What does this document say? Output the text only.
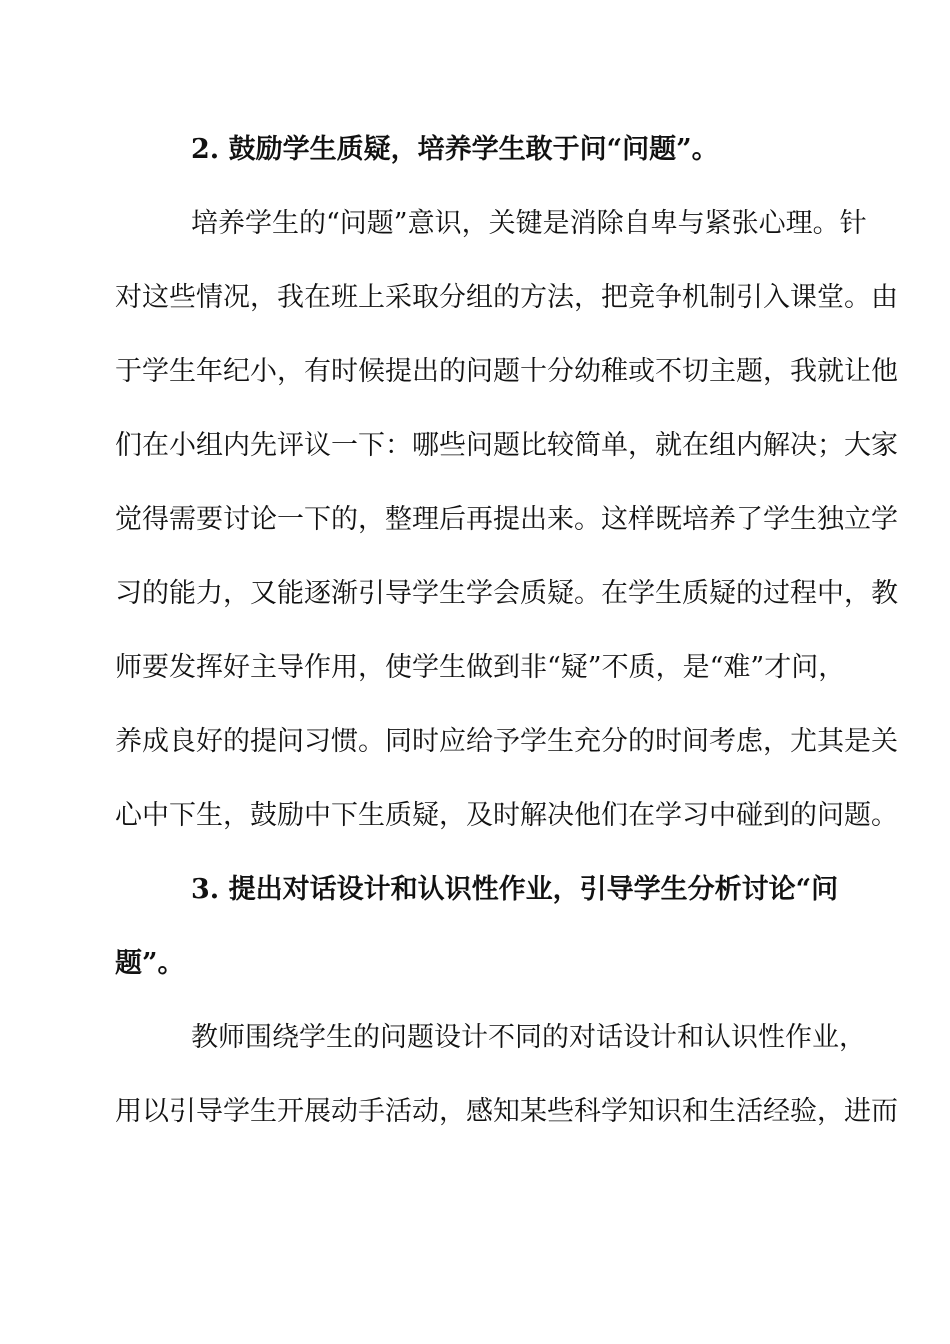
2. 鼓励学生质疑，培养学生敢于问“问题”。
培养学生的“问题”意识，关键是消除自卑与紧张心理。针
对这些情况，我在班上采取分组的方法，把竞争机制引入课堂。由
于学生年纪小，有时候提出的问题十分幼稚或不切主题，我就让他
们在小组内先评议一下：哪些问题比较简单，就在组内解决；大家
觉得需要讨论一下的，整理后再提出来。这样既培养了学生独立学
习的能力，又能逐渐引导学生学会质疑。在学生质疑的过程中，教
师要发挥好主导作用，使学生做到非“疑”不质，是“难”才问，
养成良好的提问习惯。同时应给予学生充分的时间考虑，尤其是关
心中下生，鼓励中下生质疑，及时解决他们在学习中碰到的问题。
3. 提出对话设计和认识性作业，引导学生分析讨论“问
题”。
教师围绕学生的问题设计不同的对话设计和认识性作业，
用以引导学生开展动手活动，感知某些科学知识和生活经验，进而
